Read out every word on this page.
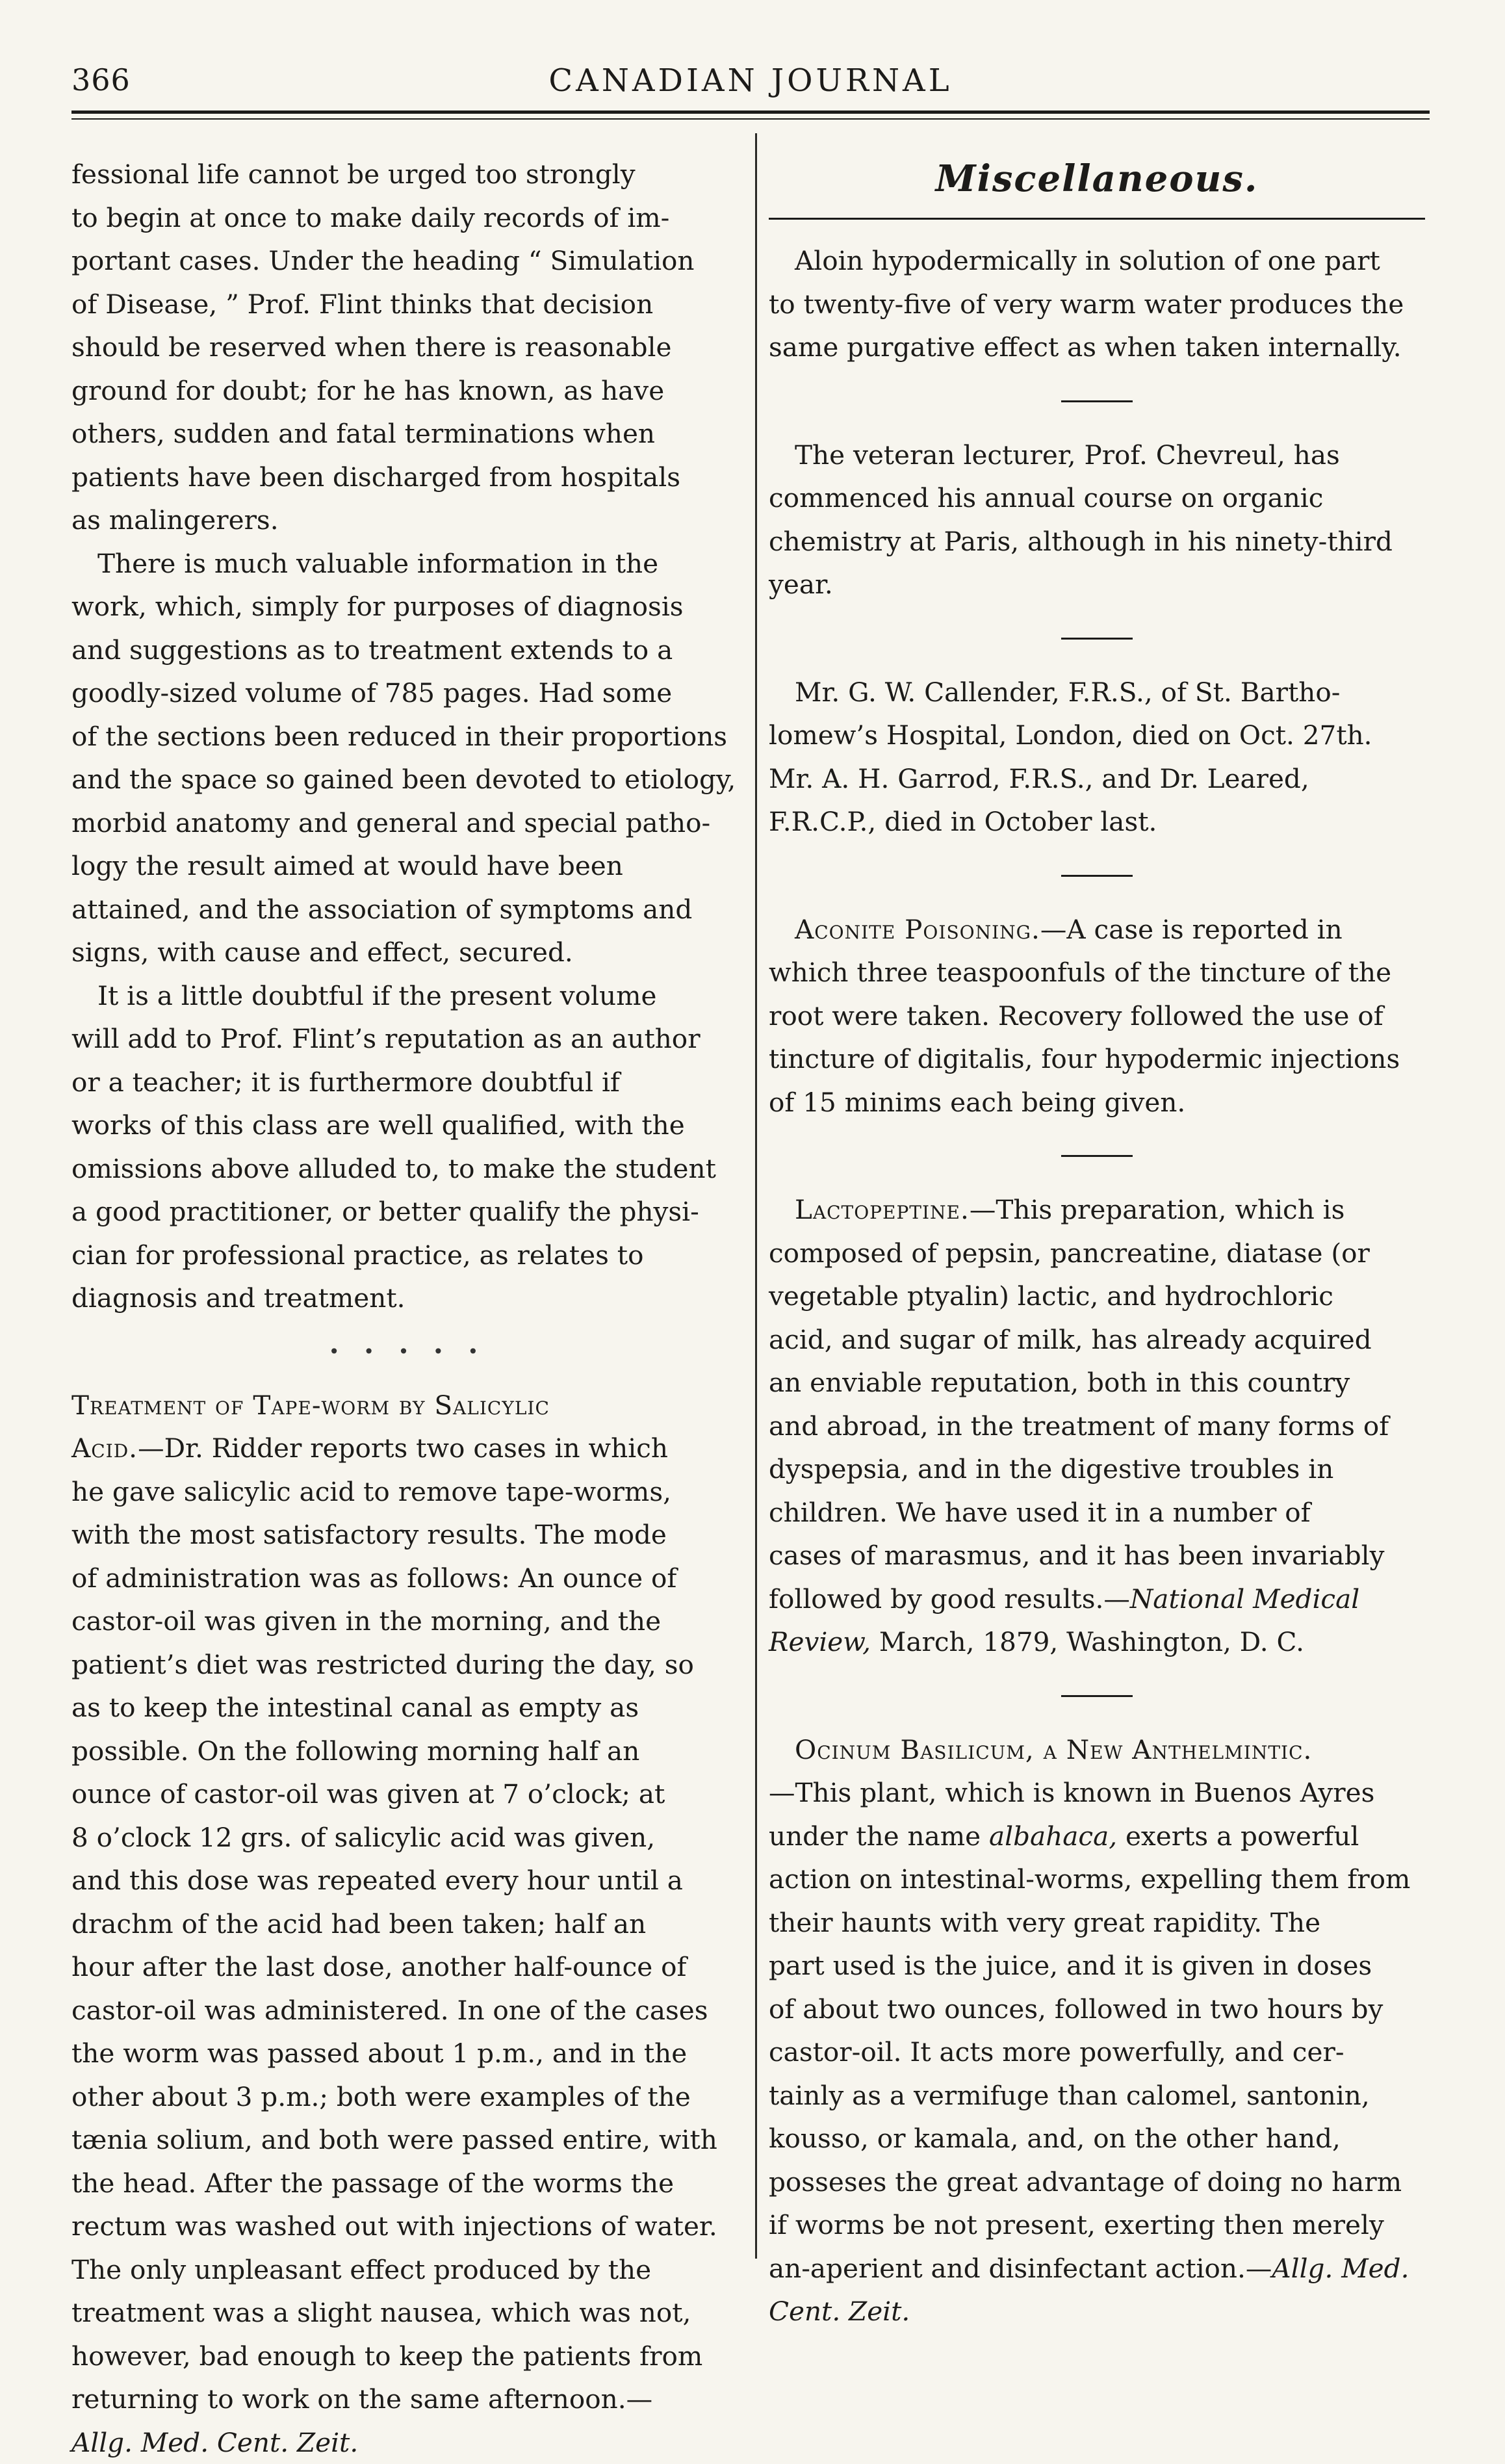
366	CANADIAN JOURNAL

fessional life cannot be urged too strongly
to begin at once to make daily records of im-
portant cases. Under the heading “ Simulation
of Disease, ” Prof. Flint thinks that decision
should be reserved when there is reasonable
ground for doubt; for he has known, as have
others, sudden and fatal terminations when
patients have been discharged from hospitals
as malingerers.

There is much valuable information in the
work, which, simply for purposes of diagnosis
and suggestions as to treatment extends to a
goodly-sized volume of 785 pages. Had some
of the sections been reduced in their proportions
and the space so gained been devoted to etiology,
morbid anatomy and general and special patho-
logy the result aimed at would have been
attained, and the association of symptoms and
signs, with cause and effect, secured.

It is a little doubtful if the present volume
will add to Prof. Flint’s reputation as an author
or a teacher; it is furthermore doubtful if
works of this class are well qualified, with the
omissions above alluded to, to make the student
a good practitioner, or better qualify the physi-
cian for professional practice, as relates to
diagnosis and treatment.

• • • • •

Treatment of Tape-worm by Salicylic
Acid.—Dr. Ridder reports two cases in which
he gave salicylic acid to remove tape-worms,
with the most satisfactory results. The mode
of administration was as follows: An ounce of
castor-oil was given in the morning, and the
patient’s diet was restricted during the day, so
as to keep the intestinal canal as empty as
possible. On the following morning half an
ounce of castor-oil was given at 7 o’clock; at
8 o’clock 12 grs. of salicylic acid was given,
and this dose was repeated every hour until a
drachm of the acid had been taken; half an
hour after the last dose, another half-ounce of
castor-oil was administered. In one of the cases
the worm was passed about 1 p.m., and in the
other about 3 p.m.; both were examples of the
tænia solium, and both were passed entire, with
the head. After the passage of the worms the
rectum was washed out with injections of water.
The only unpleasant effect produced by the
treatment was a slight nausea, which was not,
however, bad enough to keep the patients from
returning to work on the same afternoon.—
Allg. Med. Cent. Zeit.

Miscellaneous.

Aloin hypodermically in solution of one part
to twenty-five of very warm water produces the
same purgative effect as when taken internally.

The veteran lecturer, Prof. Chevreul, has
commenced his annual course on organic
chemistry at Paris, although in his ninety-third
year.

Mr. G. W. Callender, F.R.S., of St. Bartho-
lomew’s Hospital, London, died on Oct. 27th.
Mr. A. H. Garrod, F.R.S., and Dr. Leared,
F.R.C.P., died in October last.

Aconite Poisoning.—A case is reported in
which three teaspoonfuls of the tincture of the
root were taken. Recovery followed the use of
tincture of digitalis, four hypodermic injections
of 15 minims each being given.

Lactopeptine.—This preparation, which is
composed of pepsin, pancreatine, diatase (or
vegetable ptyalin) lactic, and hydrochloric
acid, and sugar of milk, has already acquired
an enviable reputation, both in this country
and abroad, in the treatment of many forms of
dyspepsia, and in the digestive troubles in
children. We have used it in a number of
cases of marasmus, and it has been invariably
followed by good results.—National Medical
Review, March, 1879, Washington, D. C.

Ocinum Basilicum, a New Anthelmintic.
—This plant, which is known in Buenos Ayres
under the name albahaca, exerts a powerful
action on intestinal-worms, expelling them from
their haunts with very great rapidity. The
part used is the juice, and it is given in doses
of about two ounces, followed in two hours by
castor-oil. It acts more powerfully, and cer-
tainly as a vermifuge than calomel, santonin,
kousso, or kamala, and, on the other hand,
posseses the great advantage of doing no harm
if worms be not present, exerting then merely
an-aperient and disinfectant action.—Allg. Med.
Cent. Zeit.
